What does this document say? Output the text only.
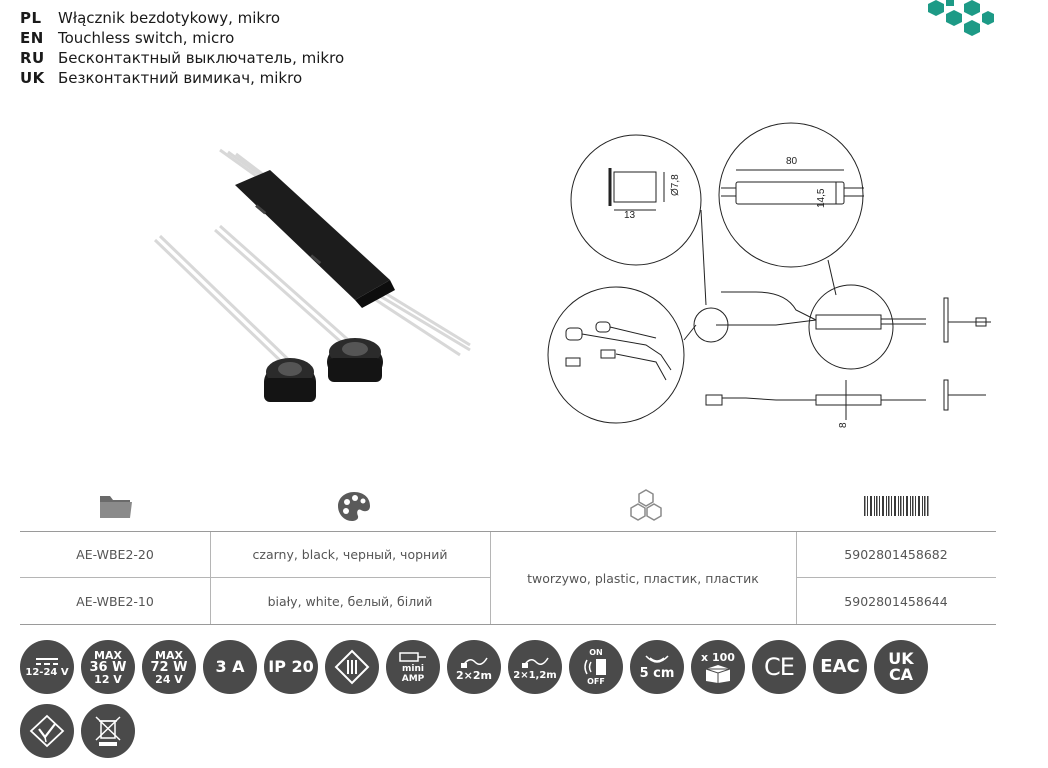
PL	Włącznik bezdotykowy, mikro
EN Touchless switch, micro
RU Бесконтактный выключатель, mikro
UK Безконтактний вимикач, mikro
13
Ø7,8
80
14,5
8
AE-WBE2-20	czarny, black, черный, чорний	5902801458682
AE-WBE2-10	biały, white, белый, білий	5902801458644
tworzywo, plastic, пластик, пластик
12-24 V
MAX
36 W
12 V
MAX
72 W
24 V
3 A IP 20	mini
AMP	2×2m 2×1,2m
ON
OFF
5 cm
x 100 CE EAC UK
CA
